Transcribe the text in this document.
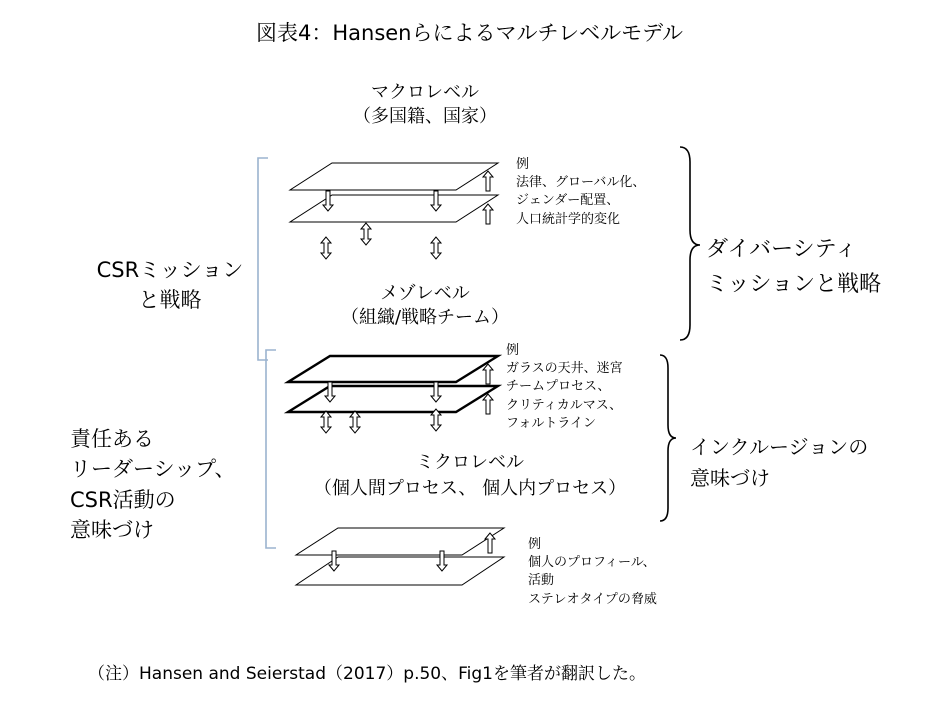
図表4：Hansenらによるマルチレベルモデル
マクロレベル
（多国籍、国家）
メゾレベル
（組織/戦略チーム）
ミクロレベル
（個人間プロセス、 個人内プロセス）
CSRミッション
と戦略
責任ある
リーダーシップ、
CSR活動の
意味づけ
ダイバーシティ
ミッションと戦略
インクルージョンの
意味づけ
例
法律、グローバル化、
ジェンダー配置、
人口統計学的変化
例
ガラスの天井、迷宮
チームプロセス、
クリティカルマス、
フォルトライン
例
個人のプロフィール、
活動
ステレオタイプの脅威
（注）Hansen and Seierstad（2017）p.50、Fig1を筆者が翻訳した。
